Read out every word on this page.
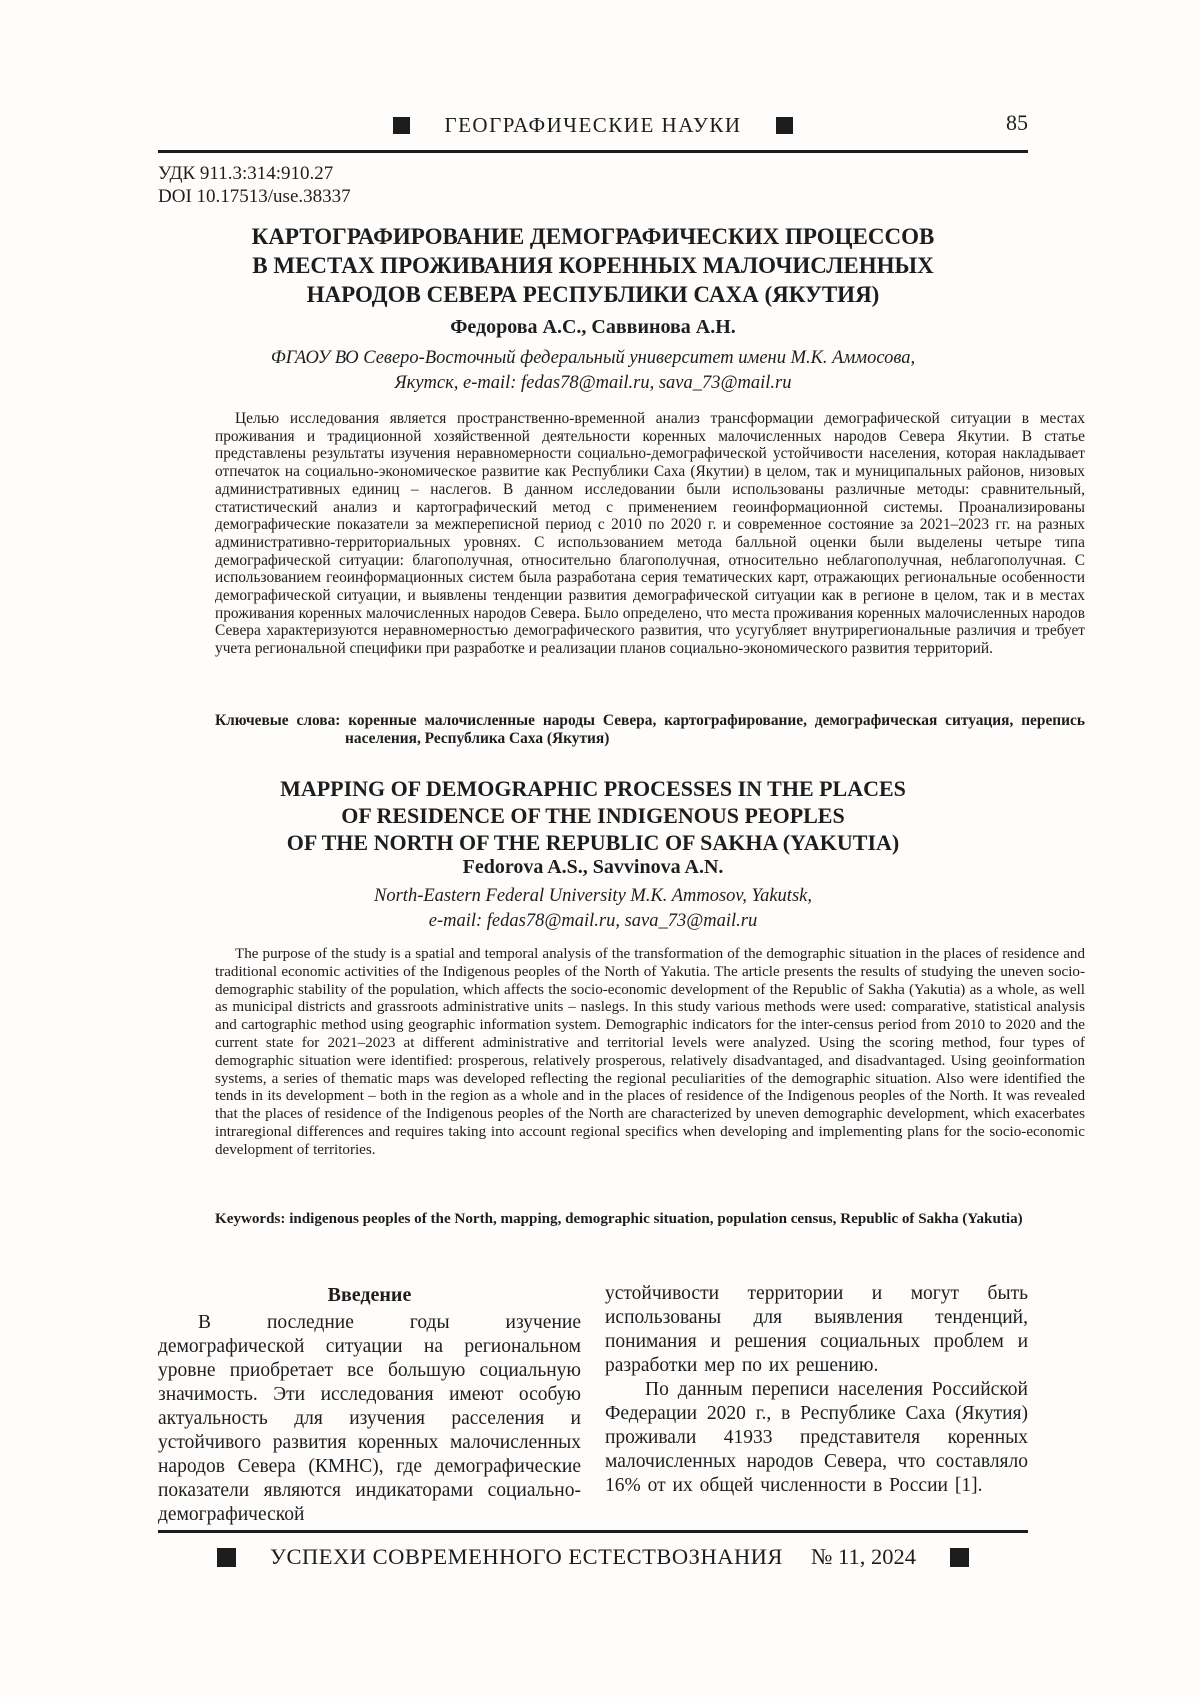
ГЕОГРАФИЧЕСКИЕ НАУКИ	85
УДК 911.3:314:910.27
DOI 10.17513/use.38337
КАРТОГРАФИРОВАНИЕ ДЕМОГРАФИЧЕСКИХ ПРОЦЕССОВ
В МЕСТАХ ПРОЖИВАНИЯ КОРЕННЫХ МАЛОЧИСЛЕННЫХ
НАРОДОВ СЕВЕРА РЕСПУБЛИКИ САХА (ЯКУТИЯ)
Федорова А.С., Саввинова А.Н.
ФГАОУ ВО Северо-Восточный федеральный университет имени М.К. Аммосова,
Якутск, e-mail: fedas78@mail.ru, sava_73@mail.ru

Целью исследования является пространственно-временной анализ трансформации демографической ситуации в местах проживания и традиционной хозяйственной деятельности коренных малочисленных народов Севера Якутии. В статье представлены результаты изучения неравномерности социально-демографической устойчивости населения, которая накладывает отпечаток на социально-экономическое развитие как Республики Саха (Якутии) в целом, так и муниципальных районов, низовых административных единиц – наслегов. В данном исследовании были использованы различные методы: сравнительный, статистический анализ и картографический метод с применением геоинформационной системы. Проанализированы демографические показатели за межпереписной период с 2010 по 2020 г. и современное состояние за 2021–2023 гг. на разных административно-территориальных уровнях. С использованием метода балльной оценки были выделены четыре типа демографической ситуации: благополучная, относительно благополучная, относительно неблагополучная, неблагополучная. С использованием геоинформационных систем была разработана серия тематических карт, отражающих региональные особенности демографической ситуации, и выявлены тенденции развития демографической ситуации как в регионе в целом, так и в местах проживания коренных малочисленных народов Севера. Было определено, что места проживания коренных малочисленных народов Севера характеризуются неравномерностью демографического развития, что усугубляет внутрирегиональные различия и требует учета региональной специфики при разработке и реализации планов социально-экономического развития территорий.

Ключевые слова: коренные малочисленные народы Севера, картографирование, демографическая ситуация, перепись населения, Республика Саха (Якутия)
MAPPING OF DEMOGRAPHIC PROCESSES IN THE PLACES
OF RESIDENCE OF THE INDIGENOUS PEOPLES
OF THE NORTH OF THE REPUBLIC OF SAKHA (YAKUTIA)
Fedorova A.S., Savvinova A.N.
North-Eastern Federal University M.K. Ammosov, Yakutsk,
e-mail: fedas78@mail.ru, sava_73@mail.ru

The purpose of the study is a spatial and temporal analysis of the transformation of the demographic situation in the places of residence and traditional economic activities of the Indigenous peoples of the North of Yakutia. The article presents the results of studying the uneven socio-demographic stability of the population, which affects the socio-economic development of the Republic of Sakha (Yakutia) as a whole, as well as municipal districts and grassroots administrative units – naslegs. In this study various methods were used: comparative, statistical analysis and cartographic method using geographic information system. Demographic indicators for the inter-census period from 2010 to 2020 and the current state for 2021–2023 at different administrative and territorial levels were analyzed. Using the scoring method, four types of demographic situation were identified: prosperous, relatively prosperous, relatively disadvantaged, and disadvantaged. Using geoinformation systems, a series of thematic maps was developed reflecting the regional peculiarities of the demographic situation. Also were identified the tends in its development – both in the region as a whole and in the places of residence of the Indigenous peoples of the North. It was revealed that the places of residence of the Indigenous peoples of the North are characterized by uneven demographic development, which exacerbates intraregional differences and requires taking into account regional specifics when developing and implementing plans for the socio-economic development of territories.

Keywords: indigenous peoples of the North, mapping, demographic situation, population census, Republic of Sakha (Yakutia)
Введение

В последние годы изучение демографической ситуации на региональном уровне приобретает все большую социальную значимость. Эти исследования имеют особую актуальность для изучения расселения и устойчивого развития коренных малочисленных народов Севера (КМНС), где демографические показатели являются индикаторами социально-демографической

устойчивости территории и могут быть использованы для выявления тенденций, понимания и решения социальных проблем и разработки мер по их решению.

По данным переписи населения Российской Федерации 2020 г., в Республике Саха (Якутия) проживали 41933 представителя коренных малочисленных народов Севера, что составляло 16% от их общей численности в России [1].

УСПЕХИ СОВРЕМЕННОГО ЕСТЕСТВОЗНАНИЯ № 11, 2024
